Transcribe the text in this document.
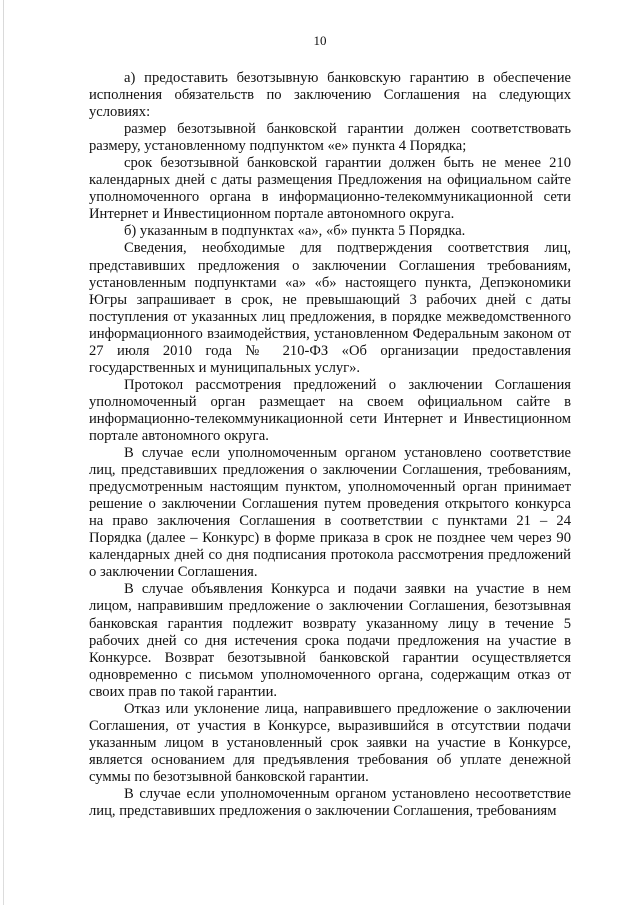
10

а) предоставить безотзывную банковскую гарантию в обеспечение исполнения обязательств по заключению Соглашения на следующих условиях:

размер безотзывной банковской гарантии должен соответствовать размеру, установленному подпунктом «е» пункта 4 Порядка;

срок безотзывной банковской гарантии должен быть не менее 210 календарных дней с даты размещения Предложения на официальном сайте уполномоченного органа в информационно-телекоммуникационной сети Интернет и Инвестиционном портале автономного округа.

б) указанным в подпунктах «а», «б» пункта 5 Порядка.

Сведения, необходимые для подтверждения соответствия лиц, представивших предложения о заключении Соглашения требованиям, установленным подпунктами «а» «б» настоящего пункта, Депэкономики Югры запрашивает в срок, не превышающий 3 рабочих дней с даты поступления от указанных лиц предложения, в порядке межведомственного информационного взаимодействия, установленном Федеральным законом от 27 июля 2010 года № 210-ФЗ «Об организации предоставления государственных и муниципальных услуг».

Протокол рассмотрения предложений о заключении Соглашения уполномоченный орган размещает на своем официальном сайте в информационно-телекоммуникационной сети Интернет и Инвестиционном портале автономного округа.

В случае если уполномоченным органом установлено соответствие лиц, представивших предложения о заключении Соглашения, требованиям, предусмотренным настоящим пунктом, уполномоченный орган принимает решение о заключении Соглашения путем проведения открытого конкурса на право заключения Соглашения в соответствии с пунктами 21 – 24 Порядка (далее – Конкурс) в форме приказа в срок не позднее чем через 90 календарных дней со дня подписания протокола рассмотрения предложений о заключении Соглашения.

В случае объявления Конкурса и подачи заявки на участие в нем лицом, направившим предложение о заключении Соглашения, безотзывная банковская гарантия подлежит возврату указанному лицу в течение 5 рабочих дней со дня истечения срока подачи предложения на участие в Конкурсе. Возврат безотзывной банковской гарантии осуществляется одновременно с письмом уполномоченного органа, содержащим отказ от своих прав по такой гарантии.

Отказ или уклонение лица, направившего предложение о заключении Соглашения, от участия в Конкурсе, выразившийся в отсутствии подачи указанным лицом в установленный срок заявки на участие в Конкурсе, является основанием для предъявления требования об уплате денежной суммы по безотзывной банковской гарантии.

В случае если уполномоченным органом установлено несоответствие лиц, представивших предложения о заключении Соглашения, требованиям
